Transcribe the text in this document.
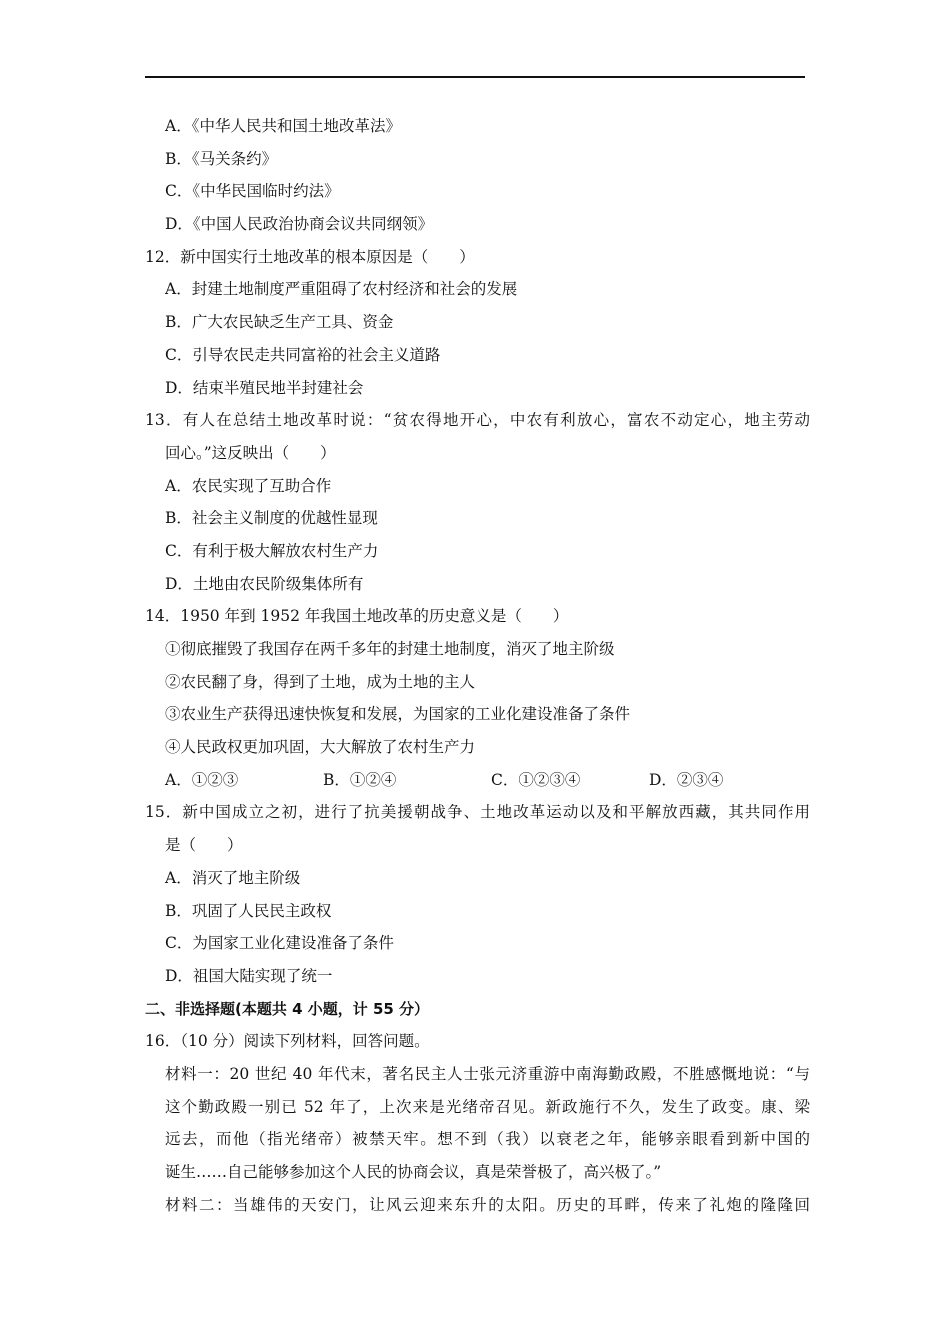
A．《中华人民共和国土地改革法》
B．《马关条约》
C．《中华民国临时约法》
D．《中国人民政治协商会议共同纲领》
12．新中国实行土地改革的根本原因是（　　）
A．封建土地制度严重阻碍了农村经济和社会的发展
B．广大农民缺乏生产工具、资金
C．引导农民走共同富裕的社会主义道路
D．结束半殖民地半封建社会
13．有人在总结土地改革时说：“贫农得地开心，中农有利放心，富农不动定心，地主劳动
回心。”这反映出（　　）
A．农民实现了互助合作
B．社会主义制度的优越性显现
C．有利于极大解放农村生产力
D．土地由农民阶级集体所有
14．1950 年到 1952 年我国土地改革的历史意义是（　　）
①彻底摧毁了我国存在两千多年的封建土地制度，消灭了地主阶级
②农民翻了身，得到了土地，成为土地的主人
③农业生产获得迅速快恢复和发展，为国家的工业化建设准备了条件
④人民政权更加巩固，大大解放了农村生产力
A．①②③	B．①②④	C．①②③④	D．②③④
15．新中国成立之初，进行了抗美援朝战争、土地改革运动以及和平解放西藏，其共同作用
是（　　）
A．消灭了地主阶级
B．巩固了人民民主政权
C．为国家工业化建设准备了条件
D．祖国大陆实现了统一
二、非选择题(本题共 4 小题，计 55 分）
16．（10 分）阅读下列材料，回答问题。
材料一：20 世纪 40 年代末，著名民主人士张元济重游中南海勤政殿，不胜感慨地说：“与
这个勤政殿一别已 52 年了，上次来是光绪帝召见。新政施行不久，发生了政变。康、梁
远去，而他（指光绪帝）被禁天牢。想不到（我）以衰老之年，能够亲眼看到新中国的
诞生……自己能够参加这个人民的协商会议，真是荣誉极了，高兴极了。”
材料二：当雄伟的天安门，让风云迎来东升的太阳。历史的耳畔，传来了礼炮的隆隆回
